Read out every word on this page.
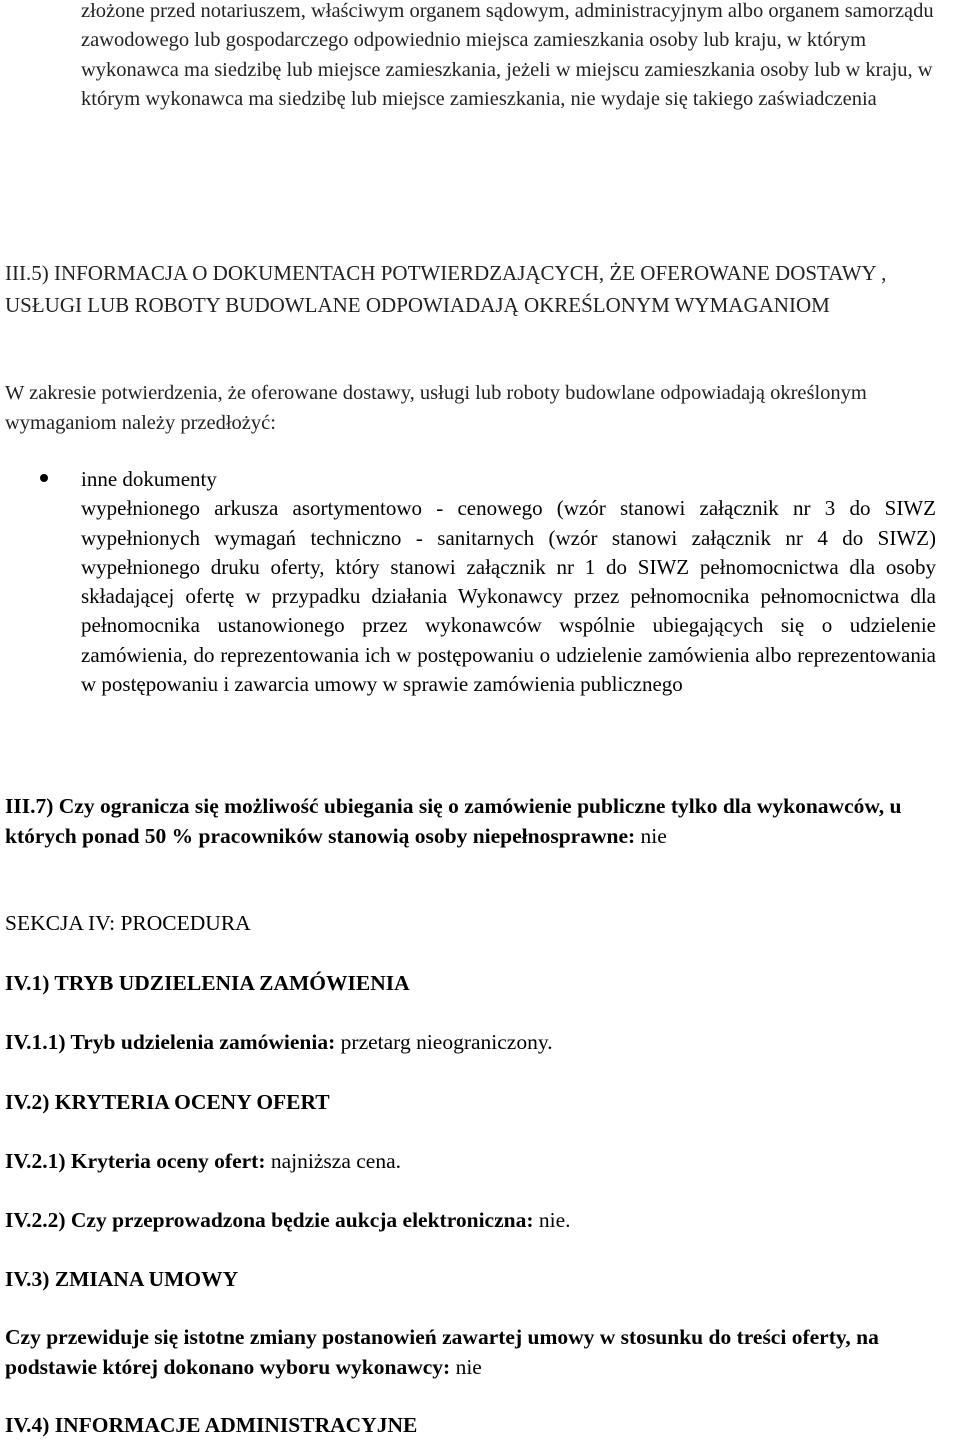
złożone przed notariuszem, właściwym organem sądowym, administracyjnym albo organem samorządu zawodowego lub gospodarczego odpowiednio miejsca zamieszkania osoby lub kraju, w którym wykonawca ma siedzibę lub miejsce zamieszkania, jeżeli w miejscu zamieszkania osoby lub w kraju, w którym wykonawca ma siedzibę lub miejsce zamieszkania, nie wydaje się takiego zaświadczenia

III.5) INFORMACJA O DOKUMENTACH POTWIERDZAJĄCYCH, ŻE OFEROWANE DOSTAWY , USŁUGI LUB ROBOTY BUDOWLANE ODPOWIADAJĄ OKREŚLONYM WYMAGANIOM

W zakresie potwierdzenia, że oferowane dostawy, usługi lub roboty budowlane odpowiadają określonym wymaganiom należy przedłożyć:

inne dokumenty

wypełnionego arkusza asortymentowo - cenowego (wzór stanowi załącznik nr 3 do SIWZ wypełnionych wymagań techniczno - sanitarnych (wzór stanowi załącznik nr 4 do SIWZ) wypełnionego druku oferty, który stanowi załącznik nr 1 do SIWZ pełnomocnictwa dla osoby składającej ofertę w przypadku działania Wykonawcy przez pełnomocnika pełnomocnictwa dla pełnomocnika ustanowionego przez wykonawców wspólnie ubiegających się o udzielenie zamówienia, do reprezentowania ich w postępowaniu o udzielenie zamówienia albo reprezentowania w postępowaniu i zawarcia umowy w sprawie zamówienia publicznego

III.7) Czy ogranicza się możliwość ubiegania się o zamówienie publiczne tylko dla wykonawców, u których ponad 50 % pracowników stanowią osoby niepełnosprawne: nie

SEKCJA IV: PROCEDURA

IV.1) TRYB UDZIELENIA ZAMÓWIENIA

IV.1.1) Tryb udzielenia zamówienia: przetarg nieograniczony.

IV.2) KRYTERIA OCENY OFERT

IV.2.1) Kryteria oceny ofert: najniższa cena.

IV.2.2) Czy przeprowadzona będzie aukcja elektroniczna: nie.

IV.3) ZMIANA UMOWY

Czy przewiduje się istotne zmiany postanowień zawartej umowy w stosunku do treści oferty, na podstawie której dokonano wyboru wykonawcy: nie

IV.4) INFORMACJE ADMINISTRACYJNE
